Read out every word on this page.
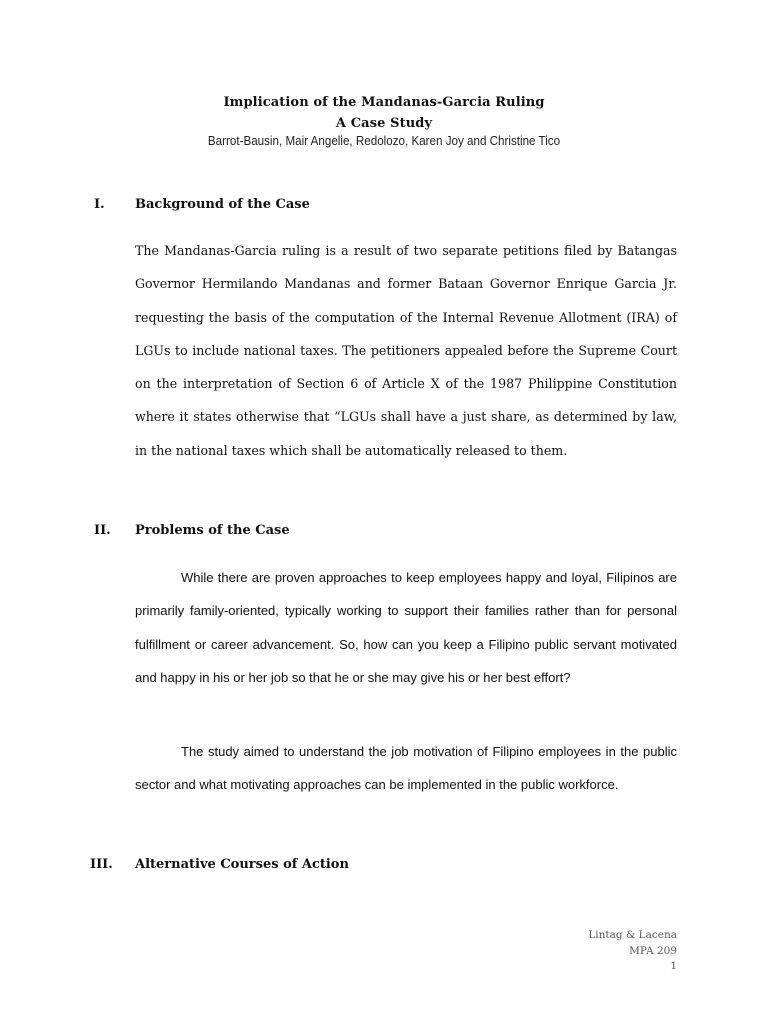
Implication of the Mandanas-Garcia Ruling
A Case Study
Barrot-Bausin, Mair Angelie, Redolozo, Karen Joy and Christine Tico
I.	Background of the Case

The Mandanas-Garcia ruling is a result of two separate petitions filed by Batangas Governor Hermilando Mandanas and former Bataan Governor Enrique Garcia Jr. requesting the basis of the computation of the Internal Revenue Allotment (IRA) of LGUs to include national taxes. The petitioners appealed before the Supreme Court on the interpretation of Section 6 of Article X of the 1987 Philippine Constitution where it states otherwise that “LGUs shall have a just share, as determined by law, in the national taxes which shall be automatically released to them.

II.	Problems of the Case

While there are proven approaches to keep employees happy and loyal, Filipinos are primarily family-oriented, typically working to support their families rather than for personal fulfillment or career advancement. So, how can you keep a Filipino public servant motivated and happy in his or her job so that he or she may give his or her best effort?

The study aimed to understand the job motivation of Filipino employees in the public sector and what motivating approaches can be implemented in the public workforce.

III.	Alternative Courses of Action
Lintag & Lacena
MPA 209
1
